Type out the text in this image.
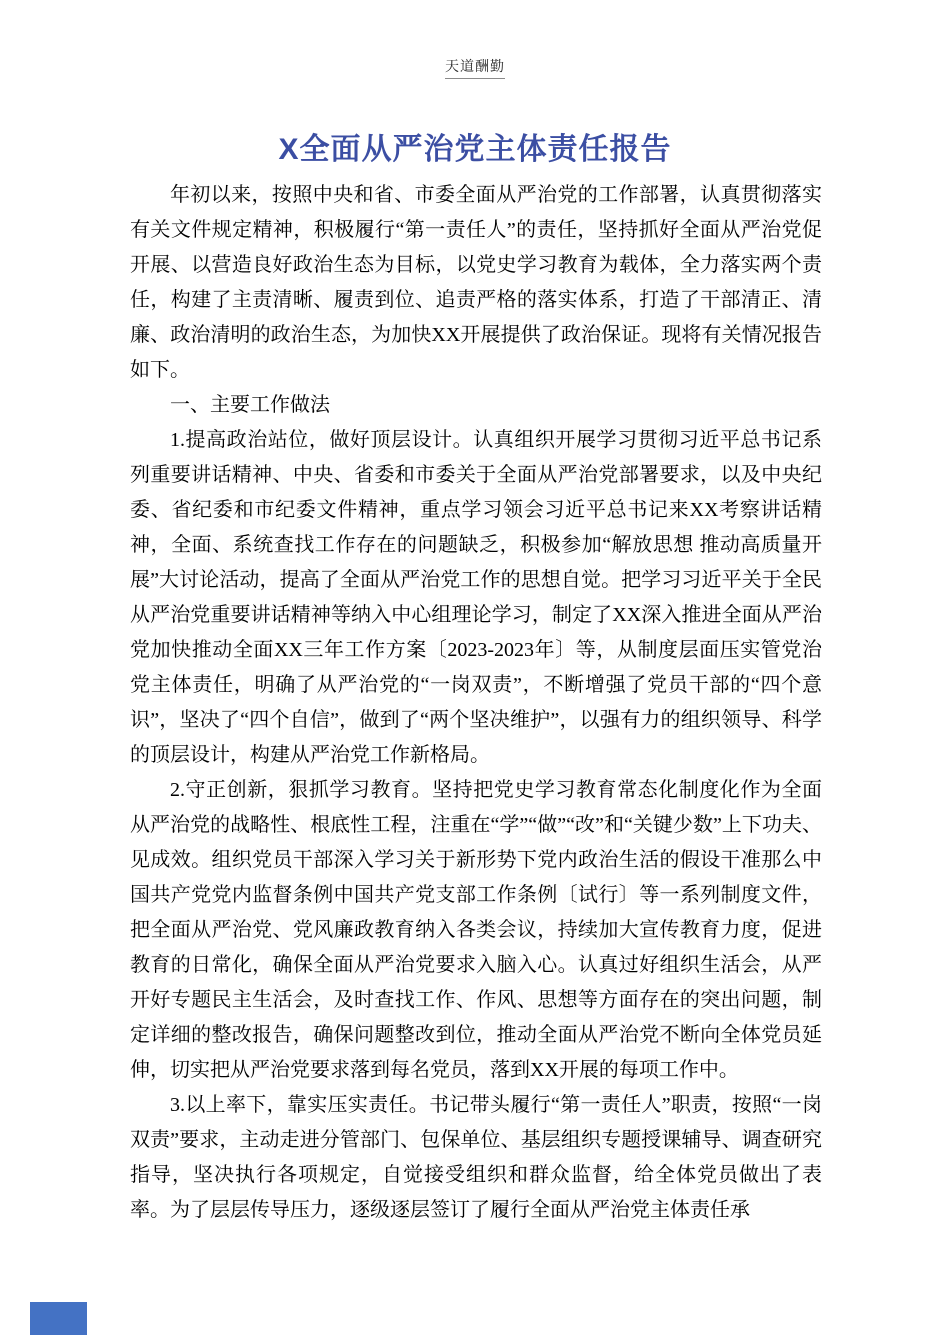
天道酬勤
X全面从严治党主体责任报告

年初以来，按照中央和省、市委全面从严治党的工作部署，认真贯彻落实有关文件规定精神，积极履行“第一责任人”的责任，坚持抓好全面从严治党促开展、以营造良好政治生态为目标，以党史学习教育为载体，全力落实两个责任，构建了主责清晰、履责到位、追责严格的落实体系，打造了干部清正、清廉、政治清明的政治生态，为加快XX开展提供了政治保证。现将有关情况报告如下。

一、主要工作做法

1.提高政治站位，做好顶层设计。认真组织开展学习贯彻习近平总书记系列重要讲话精神、中央、省委和市委关于全面从严治党部署要求，以及中央纪委、省纪委和市纪委文件精神，重点学习领会习近平总书记来XX考察讲话精神，全面、系统查找工作存在的问题缺乏，积极参加“解放思想 推动高质量开展”大讨论活动，提高了全面从严治党工作的思想自觉。把学习习近平关于全民从严治党重要讲话精神等纳入中心组理论学习，制定了XX深入推进全面从严治党加快推动全面XX三年工作方案〔2023-2023年〕等，从制度层面压实管党治党主体责任，明确了从严治党的“一岗双责”，不断增强了党员干部的“四个意识”，坚决了“四个自信”，做到了“两个坚决维护”，以强有力的组织领导、科学的顶层设计，构建从严治党工作新格局。

2.守正创新，狠抓学习教育。坚持把党史学习教育常态化制度化作为全面从严治党的战略性、根底性工程，注重在“学”“做”“改”和“关键少数”上下功夫、见成效。组织党员干部深入学习关于新形势下党内政治生活的假设干准那么中国共产党党内监督条例中国共产党支部工作条例〔试行〕等一系列制度文件，把全面从严治党、党风廉政教育纳入各类会议，持续加大宣传教育力度，促进教育的日常化，确保全面从严治党要求入脑入心。认真过好组织生活会，从严开好专题民主生活会，及时查找工作、作风、思想等方面存在的突出问题，制定详细的整改报告，确保问题整改到位，推动全面从严治党不断向全体党员延伸，切实把从严治党要求落到每名党员，落到XX开展的每项工作中。

3.以上率下，靠实压实责任。书记带头履行“第一责任人”职责，按照“一岗双责”要求，主动走进分管部门、包保单位、基层组织专题授课辅导、调查研究指导，坚决执行各项规定，自觉接受组织和群众监督，给全体党员做出了表率。为了层层传导压力，逐级逐层签订了履行全面从严治党主体责任承
